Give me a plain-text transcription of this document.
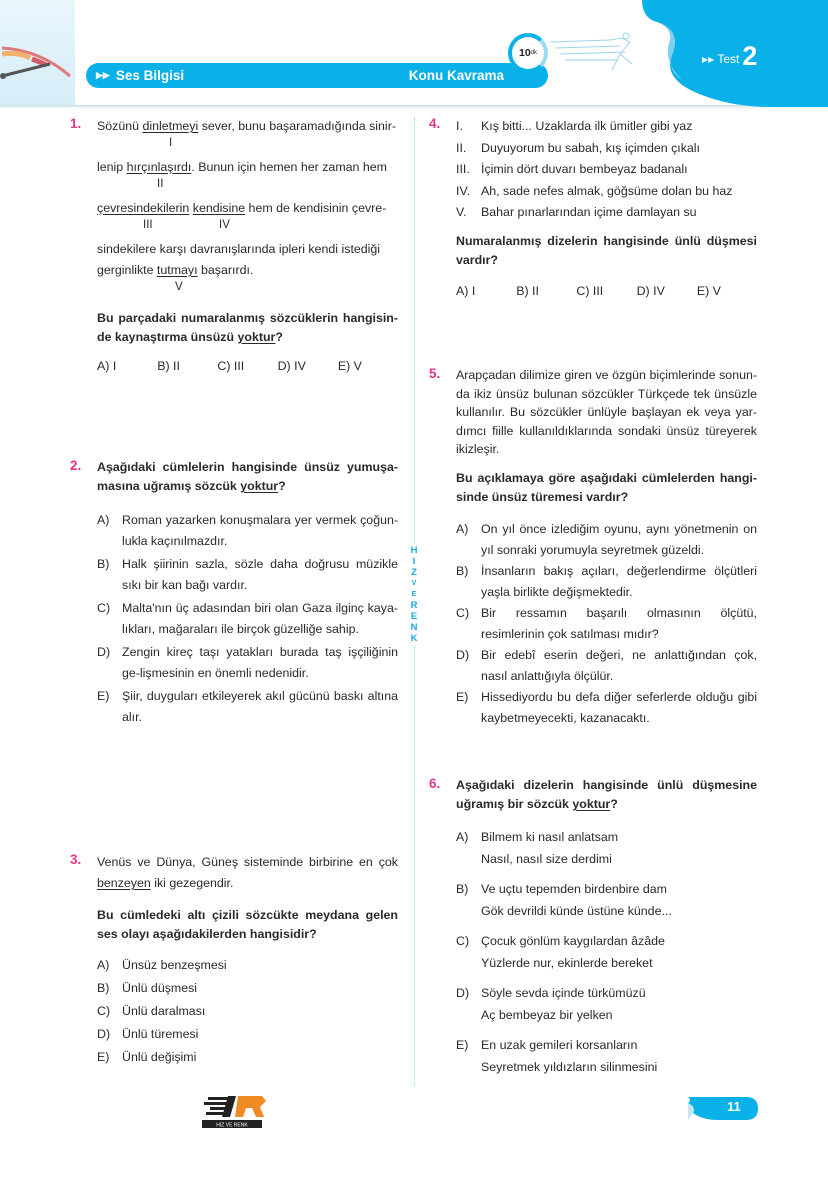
▶▶ Ses Bilgisi	Konu Kavrama
10 dk
▶▶ Test 2
H
I
Z
V
E
R
E
N
K
1. Sözünü dinletmeyi sever, bunu başaramadığında sinir-
I
lenip hırçınlaşırdı. Bunun için hemen her zaman hem
II
çevresindekilerin kendisine hem de kendisinin çevre-
III	IV
sindekilere karşı davranışlarında ipleri kendi istediği
gerginlikte tutmayı başarırdı.
V
Bu parçadaki numaralanmış sözcüklerin hangisin-de kaynaştırma ünsüzü yoktur?
A) I	B) II	C) III	D) IV	E) V
2. Aşağıdaki cümlelerin hangisinde ünsüz yumuşa-masına uğramış sözcük yoktur?
A)	Roman yazarken konuşmalara yer vermek çoğun-lukla kaçınılmazdır.
B)	Halk şiirinin sazla, sözle daha doğrusu müzikle sıkı bir kan bağı vardır.
C) Malta'nın üç adasından biri olan Gaza ilginç kaya-lıkları, mağaraları ile birçok güzelliğe sahip.
D) Zengin kireç taşı yatakları burada taş işçiliğinin ge-lişmesinin en önemli nedenidir.
E)	Şiir, duyguları etkileyerek akıl gücünü baskı altına alır.
3. Venüs ve Dünya, Güneş sisteminde birbirine en çok benzeyen iki gezegendir.
Bu cümledeki altı çizili sözcükte meydana gelen ses olayı aşağıdakilerden hangisidir?
A)	Ünsüz benzeşmesi
B)	Ünlü düşmesi
C) Ünlü daralması
D) Ünlü türemesi
E)	Ünlü değişimi
4. I.	Kış bitti... Uzaklarda ilk ümitler gibi yaz
II.	Duyuyorum bu sabah, kış içimden çıkalı
III. İçimin dört duvarı bembeyaz badanalı
IV. Ah, sade nefes almak, göğsüme dolan bu haz
V.	Bahar pınarlarından içime damlayan su
Numaralanmış dizelerin hangisinde ünlü düşmesi vardır?
A) I	B) II	C) III	D) IV	E) V
5. Arapçadan dilimize giren ve özgün biçimlerinde sonun-da ikiz ünsüz bulunan sözcükler Türkçede tek ünsüzle kullanılır. Bu sözcükler ünlüyle başlayan ek veya yar-dımcı fiille kullanıldıklarında sondaki ünsüz türeyerek ikizleşir.
Bu açıklamaya göre aşağıdaki cümlelerden hangi-sinde ünsüz türemesi vardır?
A)	On yıl önce izlediğim oyunu, aynı yönetmenin on yıl sonraki yorumuyla seyretmek güzeldi.
B)	İnsanların bakış açıları, değerlendirme ölçütleri yaşla birlikte değişmektedir.
C) Bir ressamın başarılı olmasının ölçütü, resimlerinin çok satılması mıdır?
D) Bir edebî eserin değeri, ne anlattığından çok, nasıl anlattığıyla ölçülür.
E)	Hissediyordu bu defa diğer seferlerde olduğu gibi kaybetmeyecekti, kazanacaktı.
6. Aşağıdaki dizelerin hangisinde ünlü düşmesine uğramış bir sözcük yoktur?
A)	Bilmem ki nasıl anlatsam
Nasıl, nasıl size derdimi
B)	Ve uçtu tepemden birdenbire dam
Gök devrildi künde üstüne künde...
C) Çocuk gönlüm kaygılardan âzâde
Yüzlerde nur, ekinlerde bereket
D) Söyle sevda içinde türkümüzü
Aç bembeyaz bir yelken
E)	En uzak gemileri korsanların
Seyretmek yıldızların silinmesini
HIZ VE RENK
11
